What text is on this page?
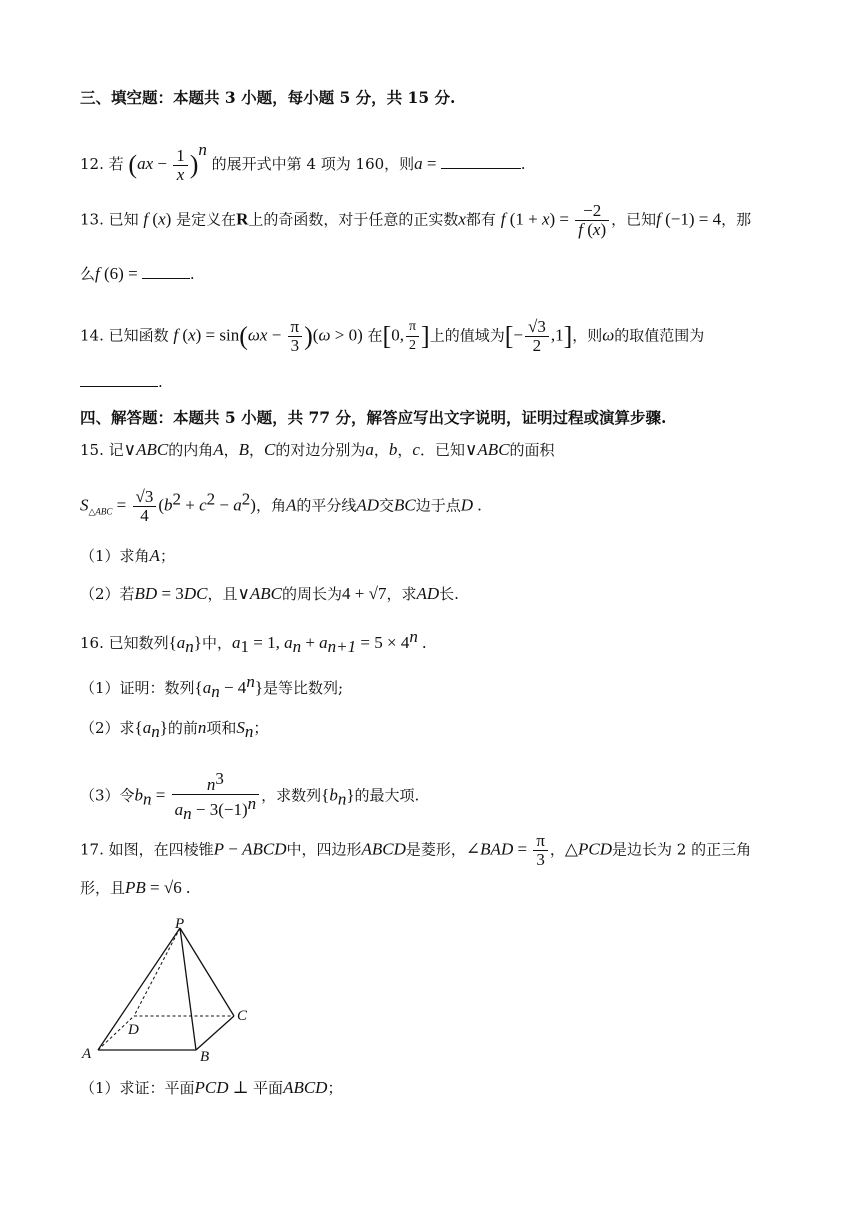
三、填空题：本题共 3 小题，每小题 5 分，共 15 分.
12. 若 $(ax - \frac{1}{x} )^n$ 的展开式中第 4 项为 160，则a =	.
13. 已知 f (x) 是定义在R上的奇函数，对于任意的正实数x都有 f $(1 + x) = \frac{-2}{f (x)}$ ，已知f (−1) = 4，那
么f (6) =	.
14. 已知函数 f $(x) = \sin(\omega x - \frac{\pi}{3} )(\omega > 0)$ 在[0, $\frac{\pi}{2}$ ]上的值域为[− $\frac{√3}{2} ,1$]，则ω的取值范围为
.
四、解答题：本题共 5 小题，共 77 分，解答应写出文字说明，证明过程或演算步骤.
15. 记∨ABC的内角A，B，C的对边分别为a，b，c．已知∨ABC的面积
$S_{\triangle ABC} = \frac{√3}{4} (b^2 + c^2 - a^2)$，角A的平分线AD交BC边于点D .
（1）求角A；
（2）若BD = 3DC，且∨ABC的周长为4 + √7，求AD长.
16. 已知数列$\{a_n\}$中，$a_1 = 1$, $a_n + a_{n+1} = 5 \times 4^n$ .
（1）证明：数列$\{a_n - 4^n\}$是等比数列;
（2）求$\{a_n\}$的前n项和$S_n$；
（3）令$b_n = \frac{n^3}{a_n - 3(-1)^n}$ ，求数列$\{b_n\}$的最大项.
17. 如图，在四棱锥P − ABCD中，四边形ABCD是菱形，∠BAD = $\frac{\pi}{3}$ ，△PCD是边长为 2 的正三角
形，且PB = √6 .
P
A	B
C
D
（1）求证：平面PCD ⊥ 平面ABCD；
